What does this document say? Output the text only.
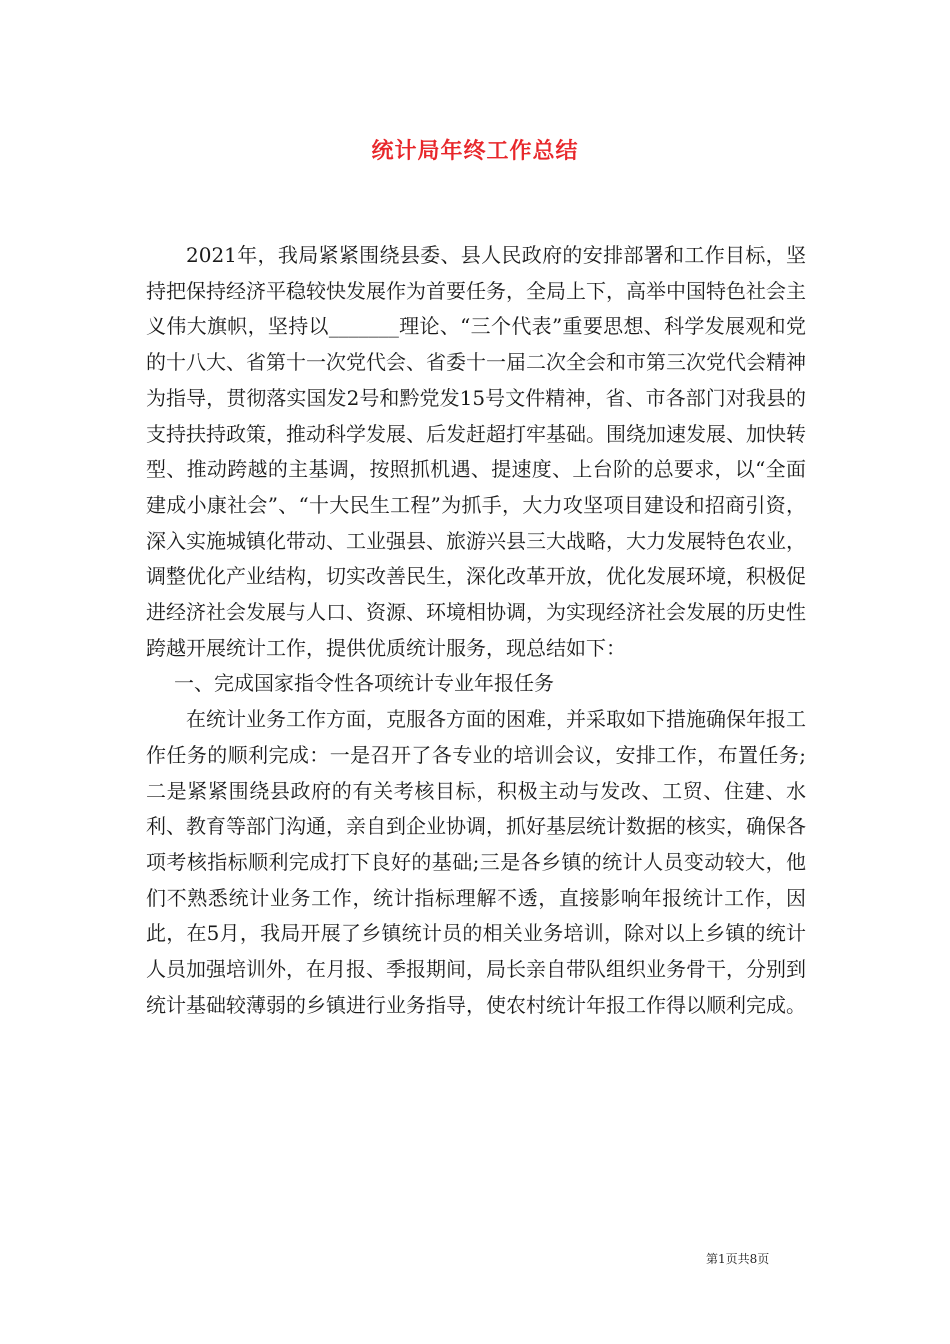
统计局年终工作总结

2021年，我局紧紧围绕县委、县人民政府的安排部署和工作目标，坚持把保持经济平稳较快发展作为首要任务，全局上下，高举中国特色社会主义伟大旗帜，坚持以_______理论、“三个代表”重要思想、科学发展观和党的十八大、省第十一次党代会、省委十一届二次全会和市第三次党代会精神为指导，贯彻落实国发2号和黔党发15号文件精神，省、市各部门对我县的支持扶持政策，推动科学发展、后发赶超打牢基础。围绕加速发展、加快转型、推动跨越的主基调，按照抓机遇、提速度、上台阶的总要求，以“全面建成小康社会”、“十大民生工程”为抓手，大力攻坚项目建设和招商引资，深入实施城镇化带动、工业强县、旅游兴县三大战略，大力发展特色农业，调整优化产业结构，切实改善民生，深化改革开放，优化发展环境，积极促进经济社会发展与人口、资源、环境相协调，为实现经济社会发展的历史性跨越开展统计工作，提供优质统计服务，现总结如下：

一、完成国家指令性各项统计专业年报任务

在统计业务工作方面，克服各方面的困难，并采取如下措施确保年报工作任务的顺利完成：一是召开了各专业的培训会议，安排工作，布置任务;二是紧紧围绕县政府的有关考核目标，积极主动与发改、工贸、住建、水利、教育等部门沟通，亲自到企业协调，抓好基层统计数据的核实，确保各项考核指标顺利完成打下良好的基础;三是各乡镇的统计人员变动较大，他们不熟悉统计业务工作，统计指标理解不透，直接影响年报统计工作，因此，在5月，我局开展了乡镇统计员的相关业务培训，除对以上乡镇的统计人员加强培训外，在月报、季报期间，局长亲自带队组织业务骨干，分别到统计基础较薄弱的乡镇进行业务指导，使农村统计年报工作得以顺利完成。

第1页共8页
